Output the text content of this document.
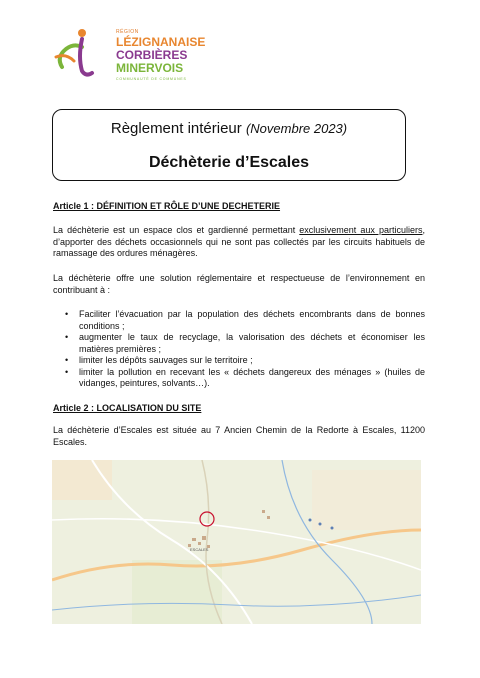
RÉGION
LÉZIGNANAISE
CORBIÈRES
MINERVOIS
COMMUNAUTÉ DE COMMUNES
Règlement intérieur (Novembre 2023)
Déchèterie d’Escales
Article 1 : DÉFINITION ET RÔLE D’UNE DECHETERIE
La déchèterie est un espace clos et gardienné permettant exclusivement aux particuliers, d’apporter des déchets occasionnels qui ne sont pas collectés par les circuits habituels de ramassage des ordures ménagères.
La déchèterie offre une solution réglementaire et respectueuse de l’environnement en contribuant à :
• Faciliter l’évacuation par la population des déchets encombrants dans de bonnes conditions ;
• augmenter le taux de recyclage, la valorisation des déchets et économiser les matières premières ;
• limiter les dépôts sauvages sur le territoire ;
• limiter la pollution en recevant les « déchets dangereux des ménages » (huiles de vidanges, peintures, solvants…).
Article 2 : LOCALISATION DU SITE
La déchèterie d’Escales est située au 7 Ancien Chemin de la Redorte à Escales, 11200 Escales.
ESCALES
